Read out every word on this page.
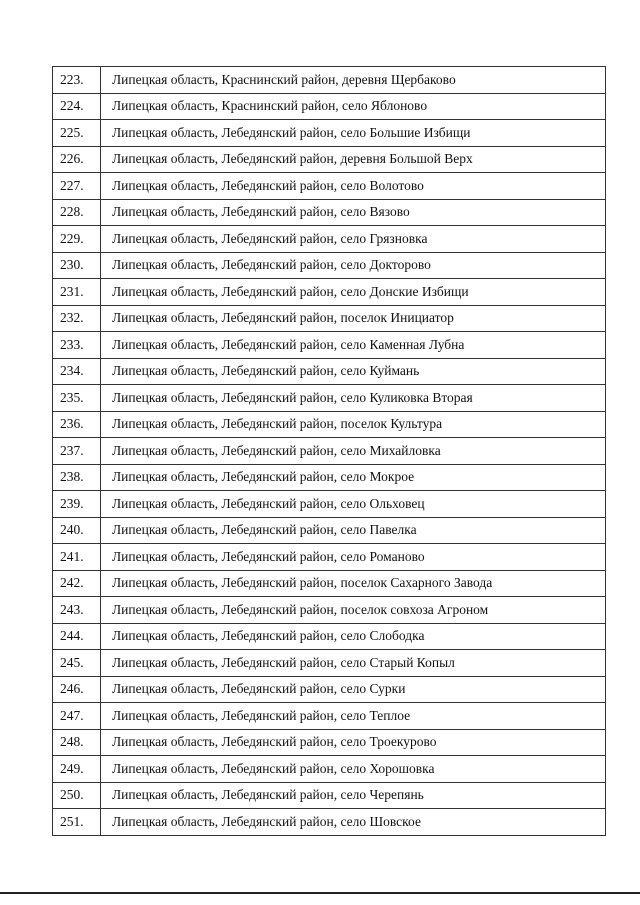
223.	Липецкая область, Краснинский район, деревня Щербаково
224.	Липецкая область, Краснинский район, село Яблоново
225.	Липецкая область, Лебедянский район, село Большие Избищи
226.	Липецкая область, Лебедянский район, деревня Большой Верх
227.	Липецкая область, Лебедянский район, село Волотово
228.	Липецкая область, Лебедянский район, село Вязово
229.	Липецкая область, Лебедянский район, село Грязновка
230.	Липецкая область, Лебедянский район, село Докторово
231.	Липецкая область, Лебедянский район, село Донские Избищи
232.	Липецкая область, Лебедянский район, поселок Инициатор
233.	Липецкая область, Лебедянский район, село Каменная Лубна
234.	Липецкая область, Лебедянский район, село Куймань
235.	Липецкая область, Лебедянский район, село Куликовка Вторая
236.	Липецкая область, Лебедянский район, поселок Культура
237.	Липецкая область, Лебедянский район, село Михайловка
238.	Липецкая область, Лебедянский район, село Мокрое
239.	Липецкая область, Лебедянский район, село Ольховец
240.	Липецкая область, Лебедянский район, село Павелка
241.	Липецкая область, Лебедянский район, село Романово
242.	Липецкая область, Лебедянский район, поселок Сахарного Завода
243.	Липецкая область, Лебедянский район, поселок совхоза Агроном
244.	Липецкая область, Лебедянский район, село Слободка
245.	Липецкая область, Лебедянский район, село Старый Копыл
246.	Липецкая область, Лебедянский район, село Сурки
247.	Липецкая область, Лебедянский район, село Теплое
248.	Липецкая область, Лебедянский район, село Троекурово
249.	Липецкая область, Лебедянский район, село Хорошовка
250.	Липецкая область, Лебедянский район, село Черепянь
251.	Липецкая область, Лебедянский район, село Шовское
